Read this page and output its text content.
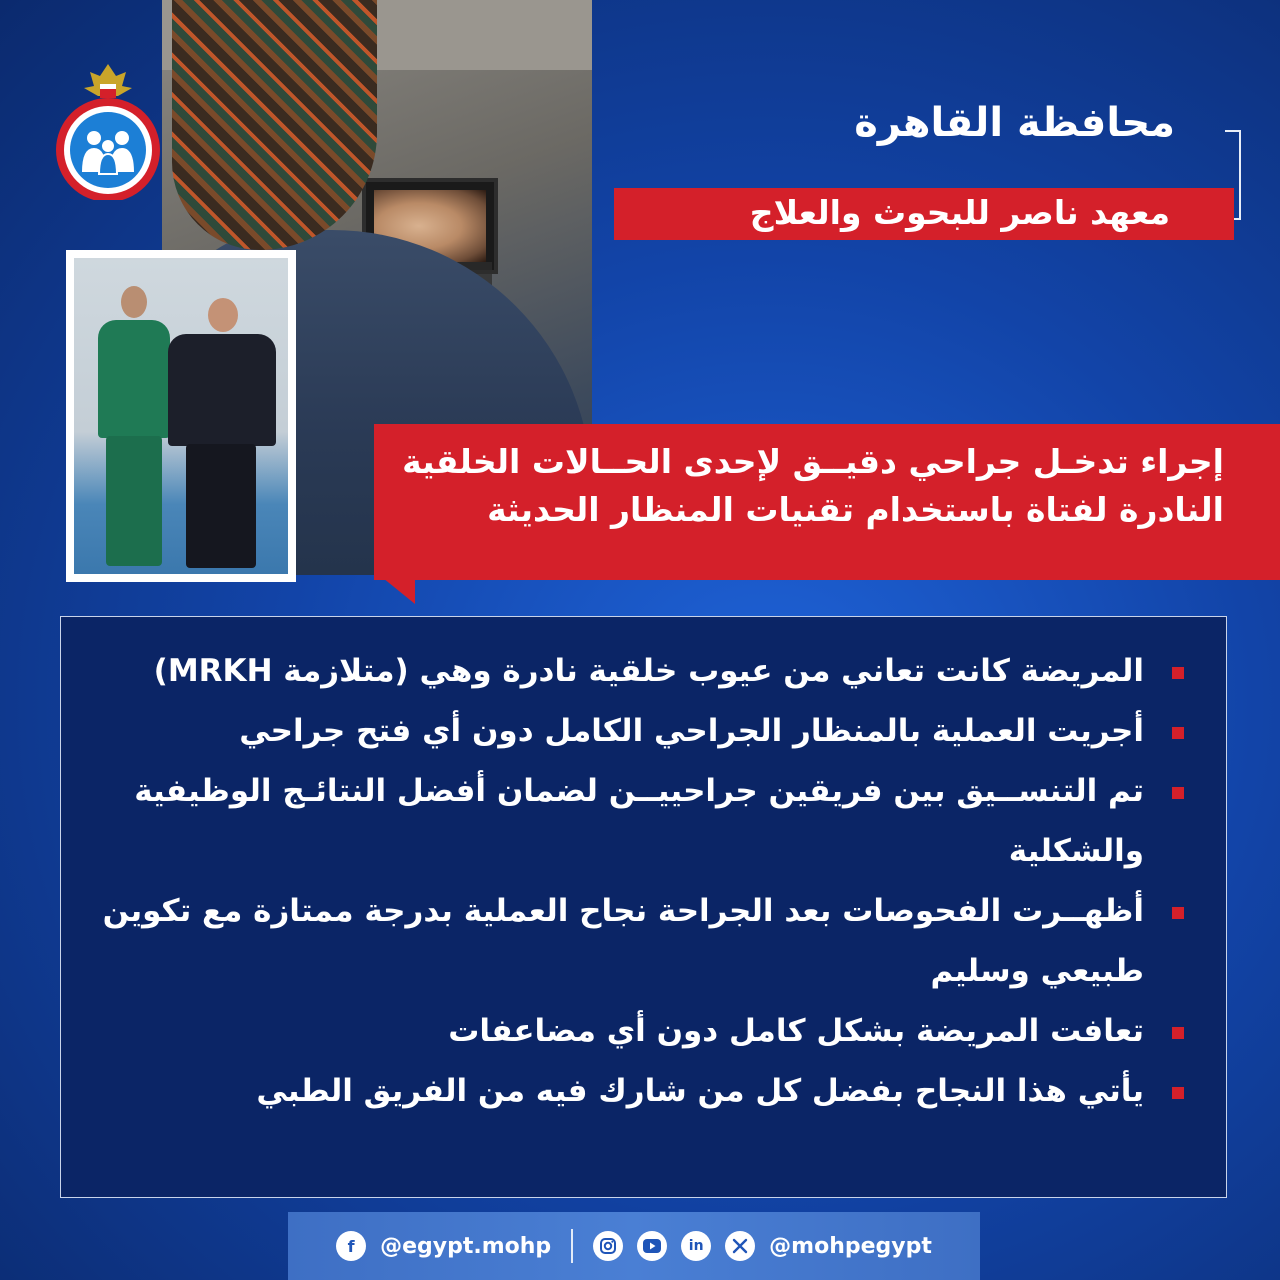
محافظة القاهرة
معهد ناصر للبحوث والعلاج

إجراء تدخـل جراحي دقيــق لإحدى الحــالات الخلقية النادرة لفتاة باستخدام تقنيات المنظار الحديثة

المريضة كانت تعاني من عيوب خلقية نادرة وهي (متلازمة MRKH)
أجريت العملية بالمنظار الجراحي الكامل دون أي فتح جراحي
تم التنســيق بين فريقين جراحييــن لضمان أفضل النتائـج الوظيفية والشكلية
أظهــرت الفحوصات بعد الجراحة نجاح العملية بدرجة ممتازة مع تكوين طبيعي وسليم
تعافت المريضة بشكل كامل دون أي مضاعفات
يأتي هذا النجاح بفضل كل من شارك فيه من الفريق الطبي
f	@egypt.mohp	in	@mohpegypt
